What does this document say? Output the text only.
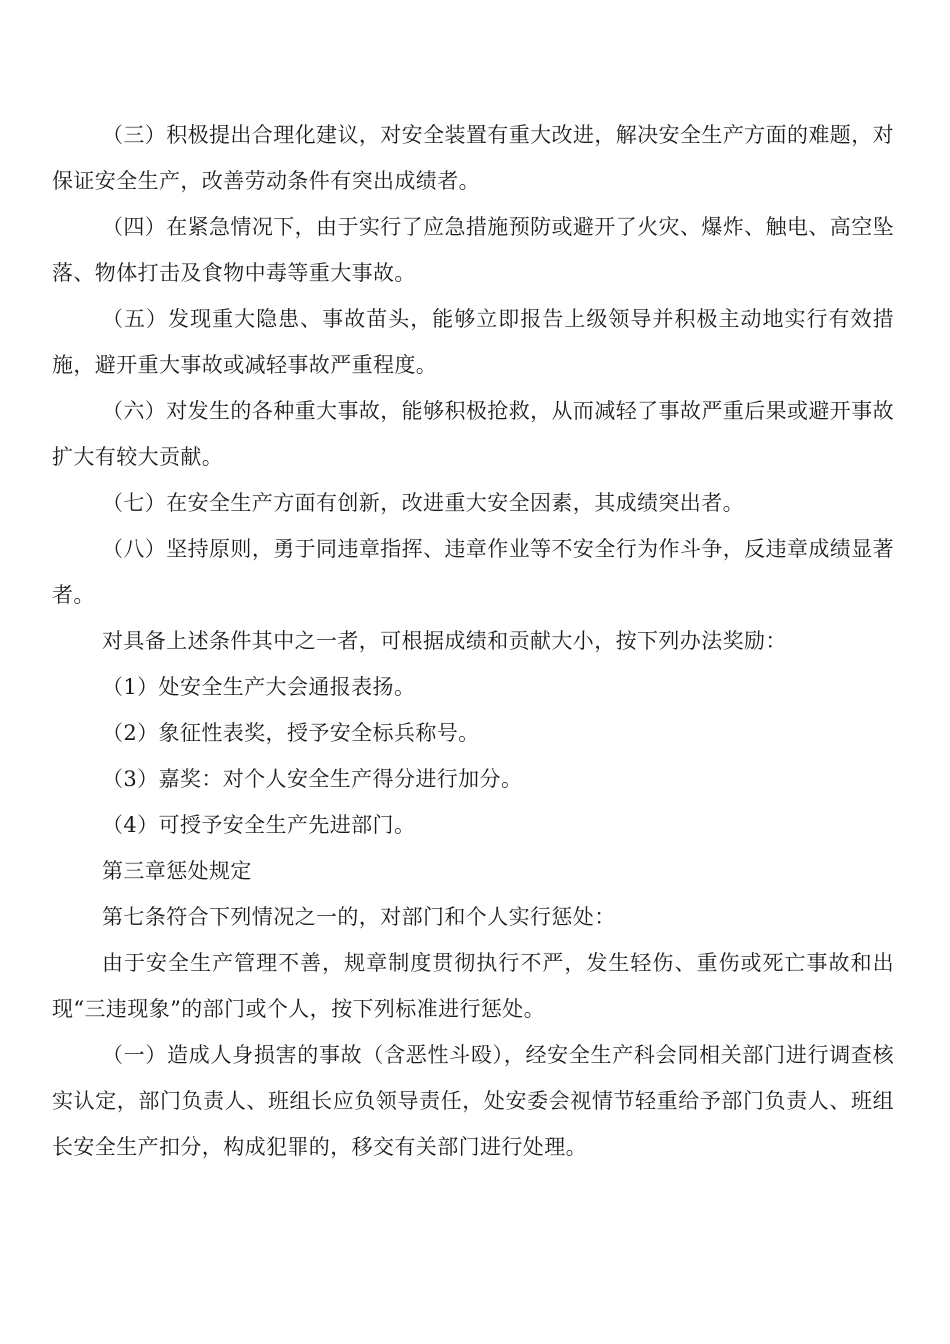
（三）积极提出合理化建议，对安全装置有重大改进，解决安全生产方面的难题，对保证安全生产，改善劳动条件有突出成绩者。

（四）在紧急情况下，由于实行了应急措施预防或避开了火灾、爆炸、触电、高空坠落、物体打击及食物中毒等重大事故。

（五）发现重大隐患、事故苗头，能够立即报告上级领导并积极主动地实行有效措施，避开重大事故或减轻事故严重程度。

（六）对发生的各种重大事故，能够积极抢救，从而减轻了事故严重后果或避开事故扩大有较大贡献。

（七）在安全生产方面有创新，改进重大安全因素，其成绩突出者。

（八）坚持原则，勇于同违章指挥、违章作业等不安全行为作斗争，反违章成绩显著者。

对具备上述条件其中之一者，可根据成绩和贡献大小，按下列办法奖励：

（1）处安全生产大会通报表扬。

（2）象征性表奖，授予安全标兵称号。

（3）嘉奖：对个人安全生产得分进行加分。

（4）可授予安全生产先进部门。

第三章惩处规定

第七条符合下列情况之一的，对部门和个人实行惩处：

由于安全生产管理不善，规章制度贯彻执行不严，发生轻伤、重伤或死亡事故和出现“三违现象”的部门或个人，按下列标准进行惩处。

（一）造成人身损害的事故（含恶性斗殴），经安全生产科会同相关部门进行调查核实认定，部门负责人、班组长应负领导责任，处安委会视情节轻重给予部门负责人、班组长安全生产扣分，构成犯罪的，移交有关部门进行处理。
